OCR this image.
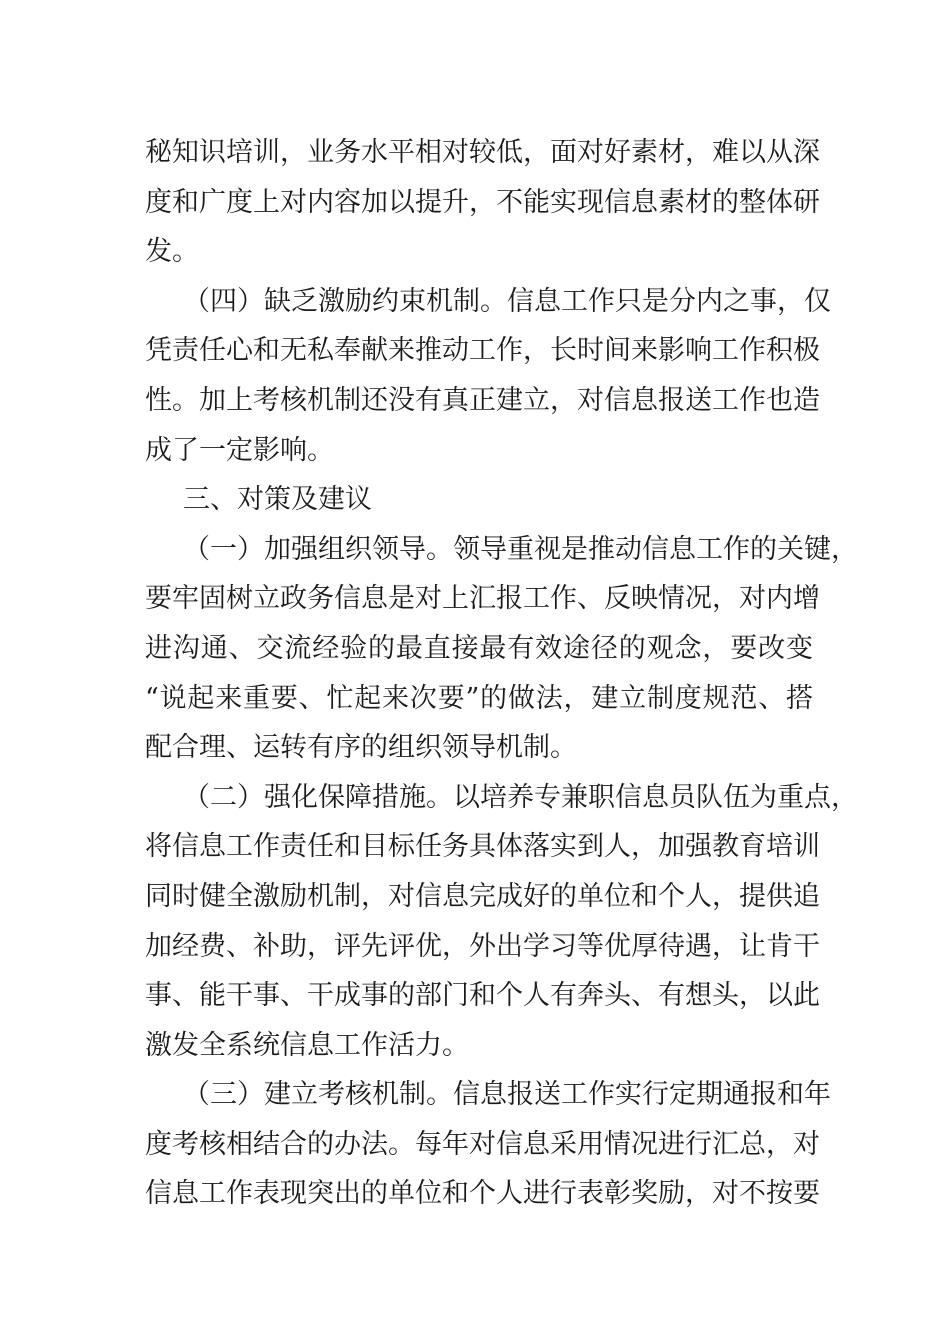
秘知识培训，业务水平相对较低，面对好素材，难以从深
度和广度上对内容加以提升，不能实现信息素材的整体研
发。
（四）缺乏激励约束机制。信息工作只是分内之事，仅
凭责任心和无私奉献来推动工作，长时间来影响工作积极
性。加上考核机制还没有真正建立，对信息报送工作也造
成了一定影响。
三、对策及建议
（一）加强组织领导。领导重视是推动信息工作的关键，
要牢固树立政务信息是对上汇报工作、反映情况，对内增
进沟通、交流经验的最直接最有效途径的观念，要改变
“说起来重要、忙起来次要”的做法，建立制度规范、搭
配合理、运转有序的组织领导机制。
（二）强化保障措施。以培养专兼职信息员队伍为重点，
将信息工作责任和目标任务具体落实到人，加强教育培训
同时健全激励机制，对信息完成好的单位和个人，提供追
加经费、补助，评先评优，外出学习等优厚待遇，让肯干
事、能干事、干成事的部门和个人有奔头、有想头，以此
激发全系统信息工作活力。
（三）建立考核机制。信息报送工作实行定期通报和年
度考核相结合的办法。每年对信息采用情况进行汇总，对
信息工作表现突出的单位和个人进行表彰奖励，对不按要
